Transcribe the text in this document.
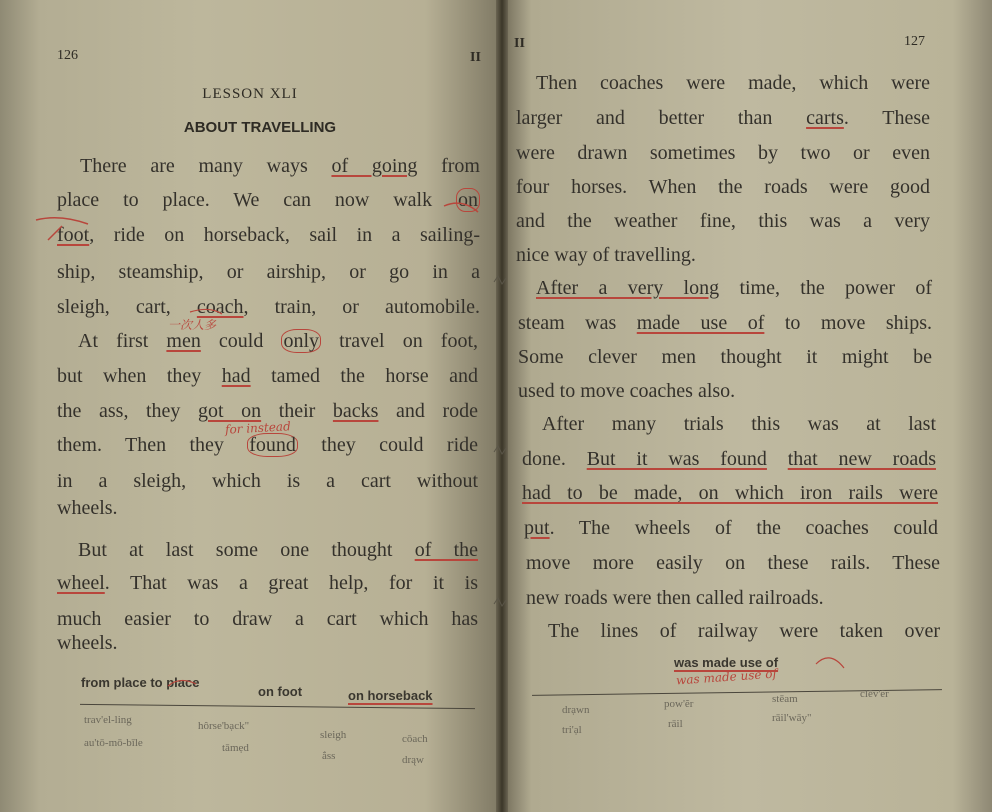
126	II
LESSON XLI
ABOUT TRAVELLING
There are many ways of going from
place to place. We can now walk on
foot, ride on horseback, sail in a sailing-
ship, steamship, or airship, or go in a
sleigh, cart, coach, train, or automobile.
At first men could only travel on foot,
but when they had tamed the horse and
the ass, they got on their backs and rode
them. Then they found they could ride
in a sleigh, which is a cart without
wheels.
But at last some one thought of the
wheel. That was a great help, for it is
much easier to draw a cart which has
wheels.
from place to place
on foot	on horseback
trav'el-ling	hôrse'bạck"
sleigh	cōach
au'tō-mō-bīle	tāmẹd
ắss	drąw
一次人多
for instead
II	127
Then coaches were made, which were
larger and better than carts. These
were drawn sometimes by two or even
four horses. When the roads were good
and the weather fine, this was a very
nice way of travelling.
After a very long time, the power of
steam was made use of to move ships.
Some clever men thought it might be
used to move coaches also.
After many trials this was at last
done. But it was found that new roads
had to be made, on which iron rails were
put. The wheels of the coaches could
move more easily on these rails. These
new roads were then called railroads.
The lines of railway were taken over
was made use of
was made use of
drạwn	pow'ẽr	stēam	clĕv'ẽr
tri'ạl	rāil	rāil'wāy"
